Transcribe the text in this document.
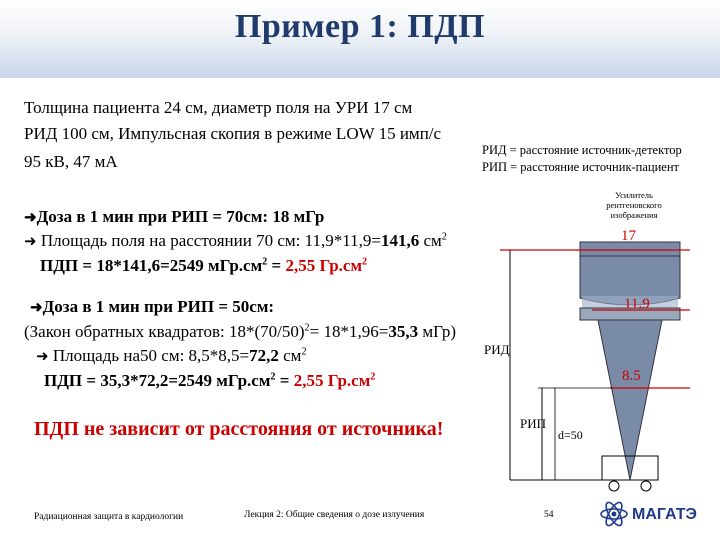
Пример 1: ПДП
Толщина пациента 24 см, диаметр поля на УРИ 17 см
РИД 100 см, Импульсная скопия в режиме LOW 15 имп/с
95 кВ, 47 мА
РИД = расстояние источник-детектор
РИП = расстояние источник-пациент
➜Доза в 1 мин при РИП = 70см: 18 мГр
➜ Площадь поля на расстоянии 70 см: 11,9*11,9=141,6 $см^2$
ПДП = 18*141,6=2549 $мГр.см^2 = 2,55$ $Гр.см^2$
➜Доза в 1 мин при РИП = 50см:
(Закон обратных квадратов: $18*(70/50)^2= 18*1,96=35,3$ мГр)
➜ Площадь на50 см: 8,5*8,5=72,2 $см^2$
ПДП = 35,3*72,2=2549 $мГр.см^2 = 2,55$ $Гр.см^2$
ПДП не зависит от расстояния от источника!
Усилитель рентгеновского изображения
17
11.9
8.5
РИД
РИП
d=50
Радиационная защита в кардиологии	Лекция 2: Общие сведения о дозе излучения	54	МАГАТЭ
